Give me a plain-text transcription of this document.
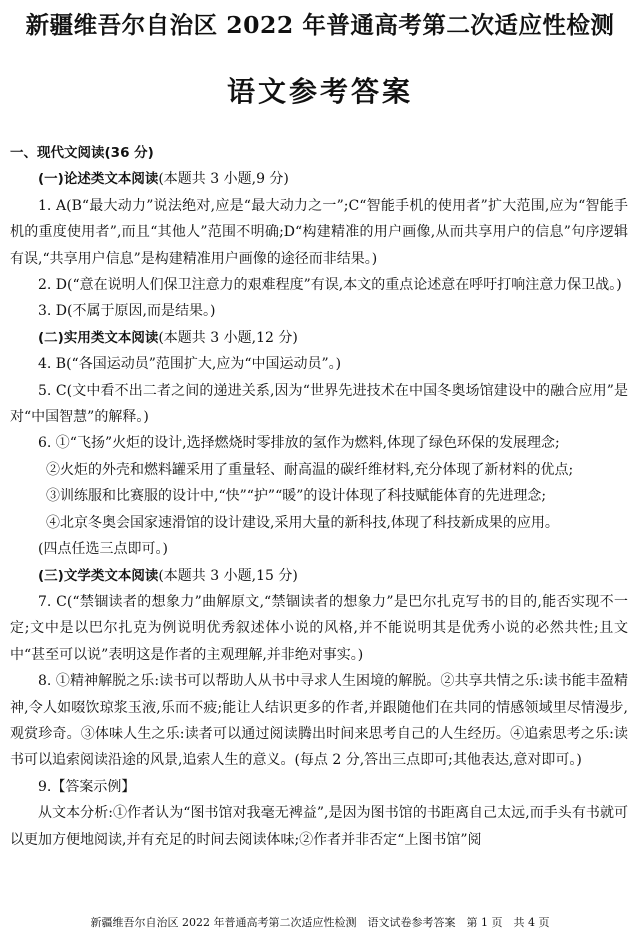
新疆维吾尔自治区 2022 年普通高考第二次适应性检测
语文参考答案

一、现代文阅读(36 分)

(一)论述类文本阅读(本题共 3 小题,9 分)

1. A(B“最大动力”说法绝对,应是“最大动力之一”;C“智能手机的使用者”扩大范围,应为“智能手机的重度使用者”,而且“其他人”范围不明确;D“构建精准的用户画像,从而共享用户的信息”句序逻辑有误,“共享用户信息”是构建精准用户画像的途径而非结果。)

2. D(“意在说明人们保卫注意力的艰难程度”有误,本文的重点论述意在呼吁打响注意力保卫战。)

3. D(不属于原因,而是结果。)

(二)实用类文本阅读(本题共 3 小题,12 分)

4. B(“各国运动员”范围扩大,应为“中国运动员”。)

5. C(文中看不出二者之间的递进关系,因为“世界先进技术在中国冬奥场馆建设中的融合应用”是对“中国智慧”的解释。)

6. ①“飞扬”火炬的设计,选择燃烧时零排放的氢作为燃料,体现了绿色环保的发展理念;

②火炬的外壳和燃料罐采用了重量轻、耐高温的碳纤维材料,充分体现了新材料的优点;

③训练服和比赛服的设计中,“快”“护”“暖”的设计体现了科技赋能体育的先进理念;

④北京冬奥会国家速滑馆的设计建设,采用大量的新科技,体现了科技新成果的应用。

(四点任选三点即可。)

(三)文学类文本阅读(本题共 3 小题,15 分)

7. C(“禁锢读者的想象力”曲解原文,“禁锢读者的想象力”是巴尔扎克写书的目的,能否实现不一定;文中是以巴尔扎克为例说明优秀叙述体小说的风格,并不能说明其是优秀小说的必然共性;且文中“甚至可以说”表明这是作者的主观理解,并非绝对事实。)

8. ①精神解脱之乐:读书可以帮助人从书中寻求人生困境的解脱。②共享共情之乐:读书能丰盈精神,令人如啜饮琼浆玉液,乐而不疲;能让人结识更多的作者,并跟随他们在共同的情感领域里尽情漫步,观赏珍奇。③体味人生之乐:读者可以通过阅读腾出时间来思考自己的人生经历。④追索思考之乐:读书可以追索阅读沿途的风景,追索人生的意义。(每点 2 分,答出三点即可;其他表达,意对即可。)

9.【答案示例】

从文本分析:①作者认为“图书馆对我毫无裨益”,是因为图书馆的书距离自己太远,而手头有书就可以更加方便地阅读,并有充足的时间去阅读体味;②作者并非否定“上图书馆”阅

新疆维吾尔自治区 2022 年普通高考第二次适应性检测　语文试卷参考答案　第 1 页　共 4 页
